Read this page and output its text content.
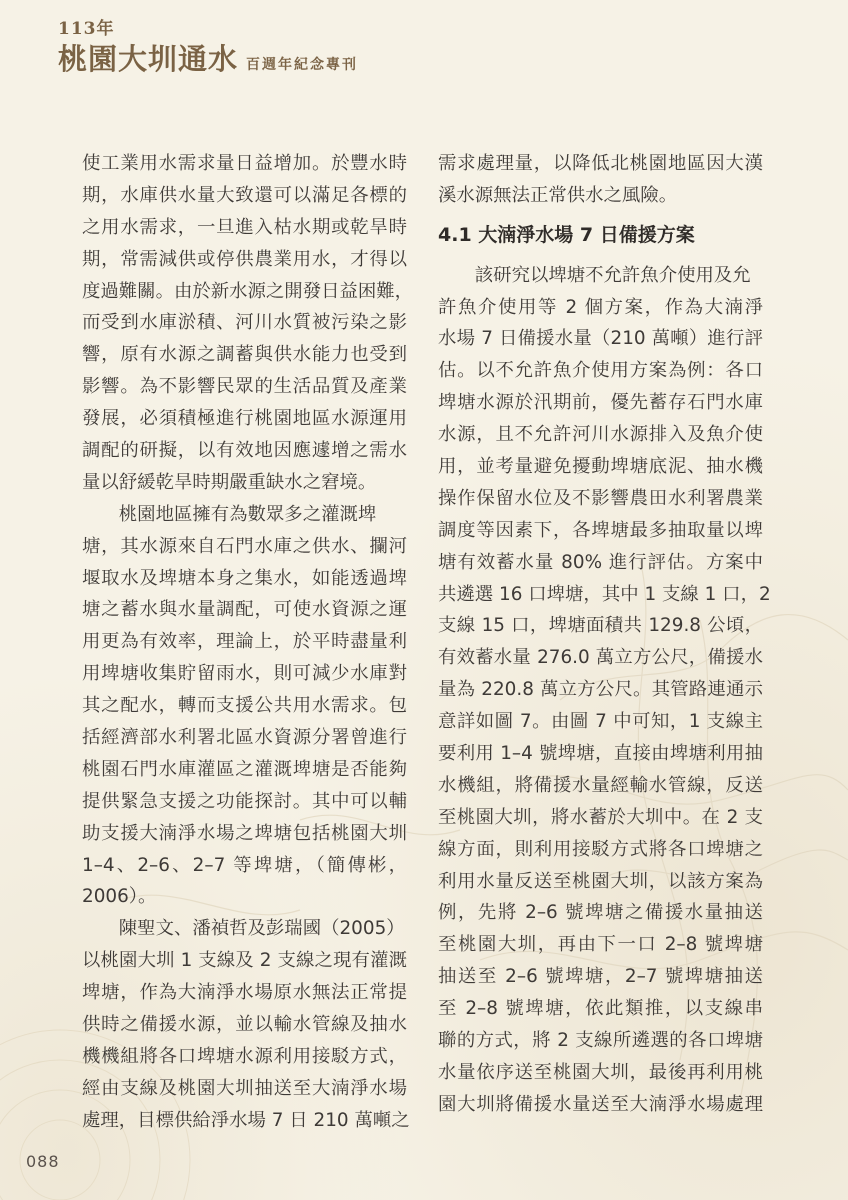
113年
桃園大圳通水 百週年紀念專刊
使工業用水需求量日益增加。於豐水時
期，水庫供水量大致還可以滿足各標的
之用水需求，一旦進入枯水期或乾旱時
期，常需減供或停供農業用水，才得以
度過難關。由於新水源之開發日益困難，
而受到水庫淤積、河川水質被污染之影
響，原有水源之調蓄與供水能力也受到
影響。為不影響民眾的生活品質及產業
發展，必須積極進行桃園地區水源運用
調配的研擬，以有效地因應遽增之需水
量以舒緩乾旱時期嚴重缺水之窘境。
　　桃園地區擁有為數眾多之灌溉埤
塘，其水源來自石門水庫之供水、攔河
堰取水及埤塘本身之集水，如能透過埤
塘之蓄水與水量調配，可使水資源之運
用更為有效率，理論上，於平時盡量利
用埤塘收集貯留雨水，則可減少水庫對
其之配水，轉而支援公共用水需求。包
括經濟部水利署北區水資源分署曾進行
桃園石門水庫灌區之灌溉埤塘是否能夠
提供緊急支援之功能探討。其中可以輔
助支援大湳淨水場之埤塘包括桃園大圳
1–4、2–6、2–7 等埤塘，（簡傳彬，
2006）。
　　陳聖文、潘禎哲及彭瑞國（2005）
以桃園大圳 1 支線及 2 支線之現有灌溉
埤塘，作為大湳淨水場原水無法正常提
供時之備援水源，並以輸水管線及抽水
機機組將各口埤塘水源利用接駁方式，
經由支線及桃園大圳抽送至大湳淨水場
處理，目標供給淨水場 7 日 210 萬噸之
需求處理量，以降低北桃園地區因大漢
溪水源無法正常供水之風險。
4.1 大湳淨水場 7 日備援方案
　　該研究以埤塘不允許魚介使用及允
許魚介使用等 2 個方案，作為大湳淨
水場 7 日備援水量（210 萬噸）進行評
估。以不允許魚介使用方案為例：各口
埤塘水源於汛期前，優先蓄存石門水庫
水源，且不允許河川水源排入及魚介使
用，並考量避免擾動埤塘底泥、抽水機
操作保留水位及不影響農田水利署農業
調度等因素下，各埤塘最多抽取量以埤
塘有效蓄水量 80% 進行評估。方案中
共遴選 16 口埤塘，其中 1 支線 1 口，2
支線 15 口，埤塘面積共 129.8 公頃，
有效蓄水量 276.0 萬立方公尺，備援水
量為 220.8 萬立方公尺。其管路連通示
意詳如圖 7。由圖 7 中可知，1 支線主
要利用 1–4 號埤塘，直接由埤塘利用抽
水機組，將備援水量經輸水管線，反送
至桃園大圳，將水蓄於大圳中。在 2 支
線方面，則利用接駁方式將各口埤塘之
利用水量反送至桃園大圳，以該方案為
例，先將 2–6 號埤塘之備援水量抽送
至桃園大圳，再由下一口 2–8 號埤塘
抽送至 2–6 號埤塘，2–7 號埤塘抽送
至 2–8 號埤塘，依此類推，以支線串
聯的方式，將 2 支線所遴選的各口埤塘
水量依序送至桃園大圳，最後再利用桃
園大圳將備援水量送至大湳淨水場處理
088
